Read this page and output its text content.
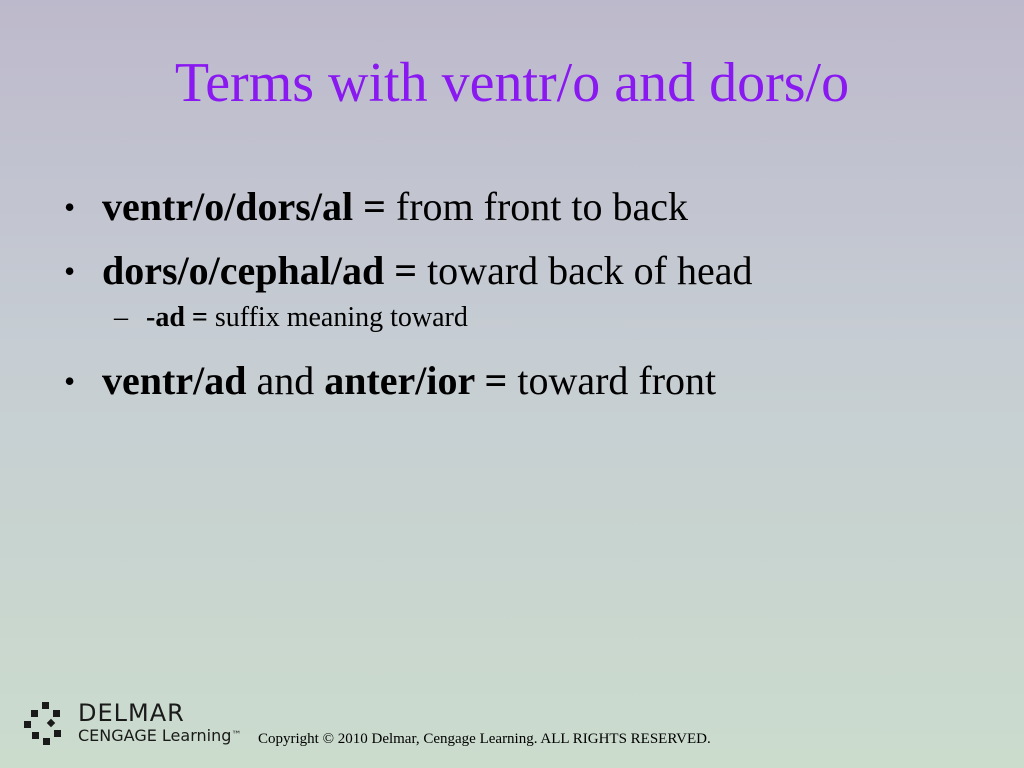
Terms with ventr/o and dors/o
• ventr/o/dors/al = from front to back
• dors/o/cephal/ad = toward back of head
– -ad = suffix meaning toward
• ventr/ad and anter/ior = toward front
DELMAR
CENGAGE Learning™ Copyright © 2010 Delmar, Cengage Learning. ALL RIGHTS RESERVED.
